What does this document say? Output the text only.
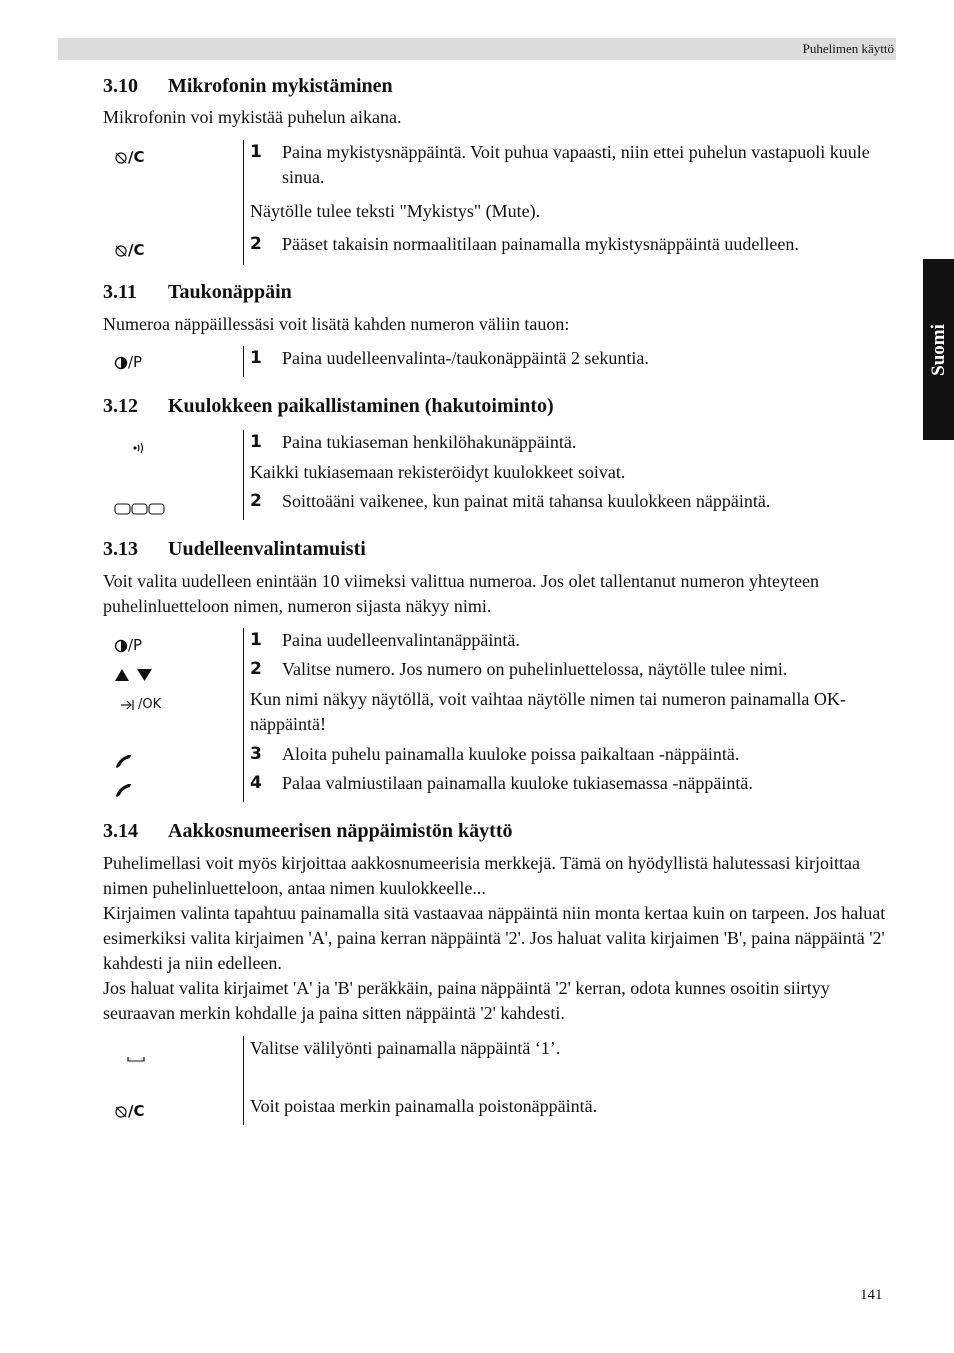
Puhelimen käyttö
Suomi
3.10 Mikrofonin mykistäminen
Mikrofonin voi mykistää puhelun aikana.
/C	1	Paina mykistysnäppäintä. Voit puhua vapaasti, niin ettei puhelun vastapuoli kuule sinua.
Näytölle tulee teksti "Mykistys" (Mute).
/C	2	Pääset takaisin normaalitilaan painamalla mykistysnäppäintä uudelleen.
3.11 Taukonäppäin
Numeroa näppäillessäsi voit lisätä kahden numeron väliin tauon:
/P	1	Paina uudelleenvalinta-/taukonäppäintä 2 sekuntia.
3.12 Kuulokkeen paikallistaminen (hakutoiminto)
1	Paina tukiaseman henkilöhakunäppäintä.
Kaikki tukiasemaan rekisteröidyt kuulokkeet soivat.
2	Soittoääni vaikenee, kun painat mitä tahansa kuulokkeen näppäintä.
3.13 Uudelleenvalintamuisti
Voit valita uudelleen enintään 10 viimeksi valittua numeroa. Jos olet tallentanut numeron yhteyteen puhelinluetteloon nimen, numeron sijasta näkyy nimi.
/P	1	Paina uudelleenvalintanäppäintä.
2	Valitse numero. Jos numero on puhelinluettelossa, näytölle tulee nimi.
/OK	Kun nimi näkyy näytöllä, voit vaihtaa näytölle nimen tai numeron painamalla OK-näppäintä!
3	Aloita puhelu painamalla kuuloke poissa paikaltaan -näppäintä.
4	Palaa valmiustilaan painamalla kuuloke tukiasemassa -näppäintä.
3.14 Aakkosnumeerisen näppäimistön käyttö
Puhelimellasi voit myös kirjoittaa aakkosnumeerisia merkkejä. Tämä on hyödyllistä halutessasi kirjoittaa nimen puhelinluetteloon, antaa nimen kuulokkeelle...
Kirjaimen valinta tapahtuu painamalla sitä vastaavaa näppäintä niin monta kertaa kuin on tarpeen. Jos haluat esimerkiksi valita kirjaimen 'A', paina kerran näppäintä '2'. Jos haluat valita kirjaimen 'B', paina näppäintä '2' kahdesti ja niin edelleen.
Jos haluat valita kirjaimet 'A' ja 'B' peräkkäin, paina näppäintä '2' kerran, odota kunnes osoitin siirtyy seuraavan merkin kohdalle ja paina sitten näppäintä '2' kahdesti.
Valitse välilyönti painamalla näppäintä ‘1’.
/C	Voit poistaa merkin painamalla poistonäppäintä.
141
